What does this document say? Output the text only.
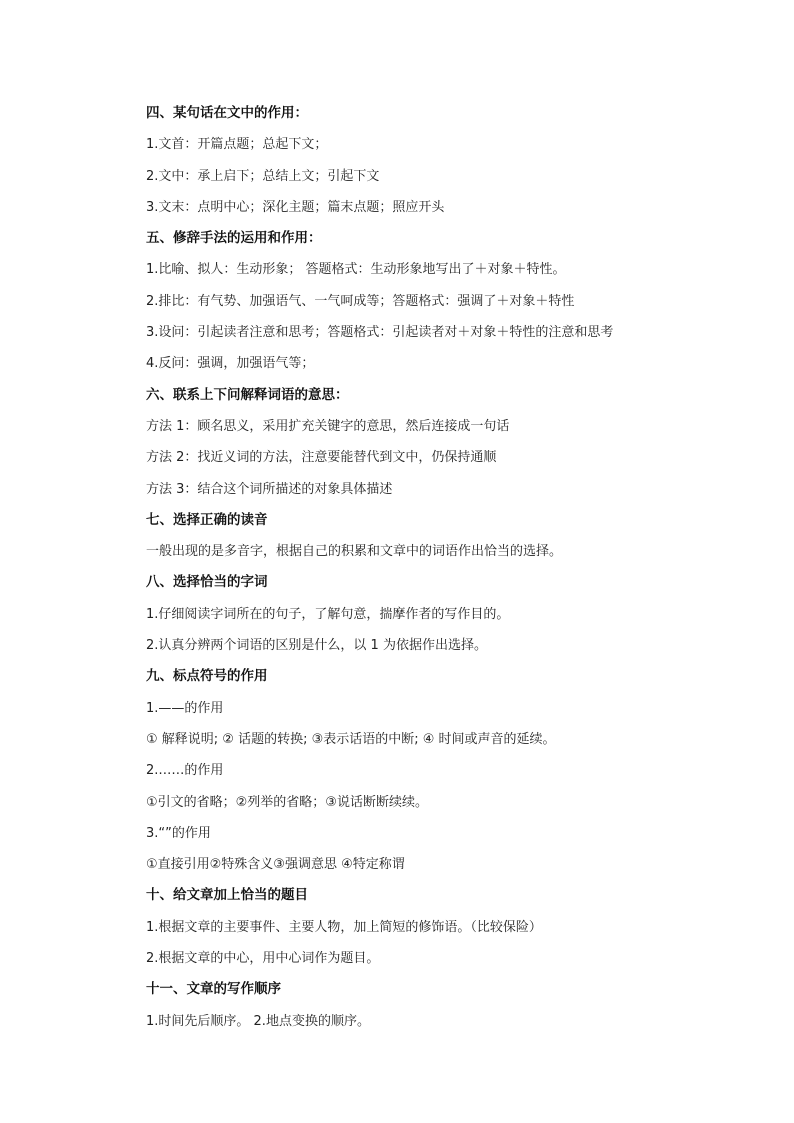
四、某句话在文中的作用：
1.文首：开篇点题；总起下文；
2.文中：承上启下；总结上文；引起下文
3.文末：点明中心；深化主题；篇末点题；照应开头
五、修辞手法的运用和作用：
1.比喻、拟人：生动形象； 答题格式：生动形象地写出了＋对象＋特性。
2.排比：有气势、加强语气、一气呵成等；答题格式：强调了＋对象＋特性
3.设问：引起读者注意和思考；答题格式：引起读者对＋对象＋特性的注意和思考
4.反问：强调，加强语气等；
六、联系上下问解释词语的意思：
方法 1：顾名思义，采用扩充关键字的意思，然后连接成一句话
方法 2：找近义词的方法，注意要能替代到文中，仍保持通顺
方法 3：结合这个词所描述的对象具体描述
七、选择正确的读音
一般出现的是多音字，根据自己的积累和文章中的词语作出恰当的选择。
八、选择恰当的字词
1.仔细阅读字词所在的句子，了解句意，揣摩作者的写作目的。
2.认真分辨两个词语的区别是什么，以 1 为依据作出选择。
九、标点符号的作用
1.——的作用
① 解释说明; ② 话题的转换; ③表示话语的中断; ④ 时间或声音的延续。
2.……的作用
①引文的省略；②列举的省略；③说话断断续续。
3.“”的作用
①直接引用②特殊含义③强调意思 ④特定称谓
十、给文章加上恰当的题目
1.根据文章的主要事件、主要人物，加上简短的修饰语。（比较保险）
2.根据文章的中心，用中心词作为题目。
十一、文章的写作顺序
1.时间先后顺序。 2.地点变换的顺序。
